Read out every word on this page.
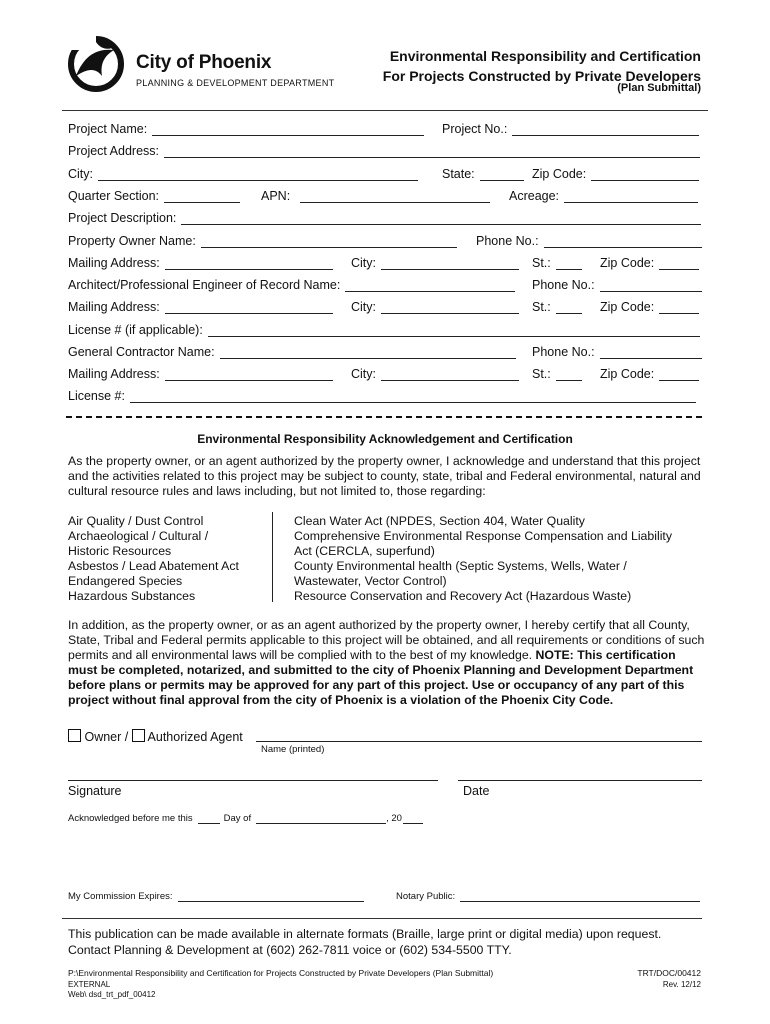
City of Phoenix
PLANNING & DEVELOPMENT DEPARTMENT
Environmental Responsibility and Certification
For Projects Constructed by Private Developers
(Plan Submittal)
Project Name:	Project No.:
Project Address:
City:	State:	Zip Code:
Quarter Section:	APN:	Acreage:
Project Description:
Property Owner Name:	Phone No.:
Mailing Address:	City:	St.:	Zip Code:
Architect/Professional Engineer of Record Name:	Phone No.:
Mailing Address:	City:	St.:	Zip Code:
License # (if applicable):
General Contractor Name:	Phone No.:
Mailing Address:	City:	St.:	Zip Code:
License #:
Environmental Responsibility Acknowledgement and Certification
As the property owner, or an agent authorized by the property owner, I acknowledge and understand that this project and the activities related to this project may be subject to county, state, tribal and Federal environmental, natural and cultural resource rules and laws including, but not limited to, those regarding:
Air Quality / Dust Control
Archaeological / Cultural /
Historic Resources
Asbestos / Lead Abatement Act
Endangered Species
Hazardous Substances
Clean Water Act (NPDES, Section 404, Water Quality
Comprehensive Environmental Response Compensation and Liability
Act (CERCLA, superfund)
County Environmental health (Septic Systems, Wells, Water /
Wastewater, Vector Control)
Resource Conservation and Recovery Act (Hazardous Waste)
In addition, as the property owner, or as an agent authorized by the property owner, I hereby certify that all County, State, Tribal and Federal permits applicable to this project will be obtained, and all requirements or conditions of such permits and all environmental laws will be complied with to the best of my knowledge. NOTE: This certification must be completed, notarized, and submitted to the city of Phoenix Planning and Development Department before plans or permits may be approved for any part of this project. Use or occupancy of any part of this project without final approval from the city of Phoenix is a violation of the Phoenix City Code.
Owner / Authorized Agent
Name (printed)
Signature	Date
Acknowledged before me this	Day of	, 20
My Commission Expires:	Notary Public:
This publication can be made available in alternate formats (Braille, large print or digital media) upon request.
Contact Planning & Development at (602) 262-7811 voice or (602) 534-5500 TTY.
P:\Environmental Responsibility and Certification for Projects Constructed by Private Developers (Plan Submittal)
EXTERNAL
Web\ dsd_trt_pdf_00412
TRT/DOC/00412
Rev. 12/12
